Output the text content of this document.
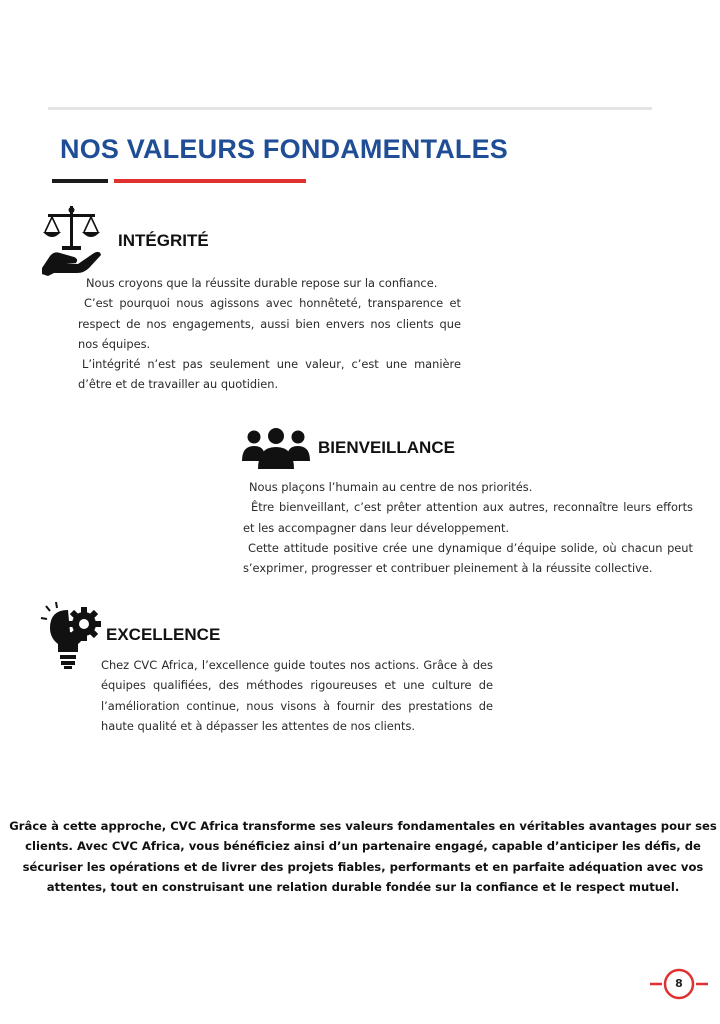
NOS VALEURS FONDAMENTALES
INTÉGRITÉ

Nous croyons que la réussite durable repose sur la confiance.

C’est pourquoi nous agissons avec honnêteté, transparence et respect de nos engagements, aussi bien envers nos clients que nos équipes.

L’intégrité n’est pas seulement une valeur, c’est une manière d’être et de travailler au quotidien.

BIENVEILLANCE

Nous plaçons l’humain au centre de nos priorités.

Être bienveillant, c’est prêter attention aux autres, reconnaître leurs efforts et les accompagner dans leur développement.

Cette attitude positive crée une dynamique d’équipe solide, où chacun peut s’exprimer, progresser et contribuer pleinement à la réussite collective.

EXCELLENCE

Chez CVC Africa, l’excellence guide toutes nos actions. Grâce à des équipes qualifiées, des méthodes rigoureuses et une culture de l’amélioration continue, nous visons à fournir des prestations de haute qualité et à dépasser les attentes de nos clients.

Grâce à cette approche, CVC Africa transforme ses valeurs fondamentales en véritables avantages pour ses clients. Avec CVC Africa, vous bénéficiez ainsi d’un partenaire engagé, capable d’anticiper les défis, de sécuriser les opérations et de livrer des projets fiables, performants et en parfaite adéquation avec vos attentes, tout en construisant une relation durable fondée sur la confiance et le respect mutuel.

8
